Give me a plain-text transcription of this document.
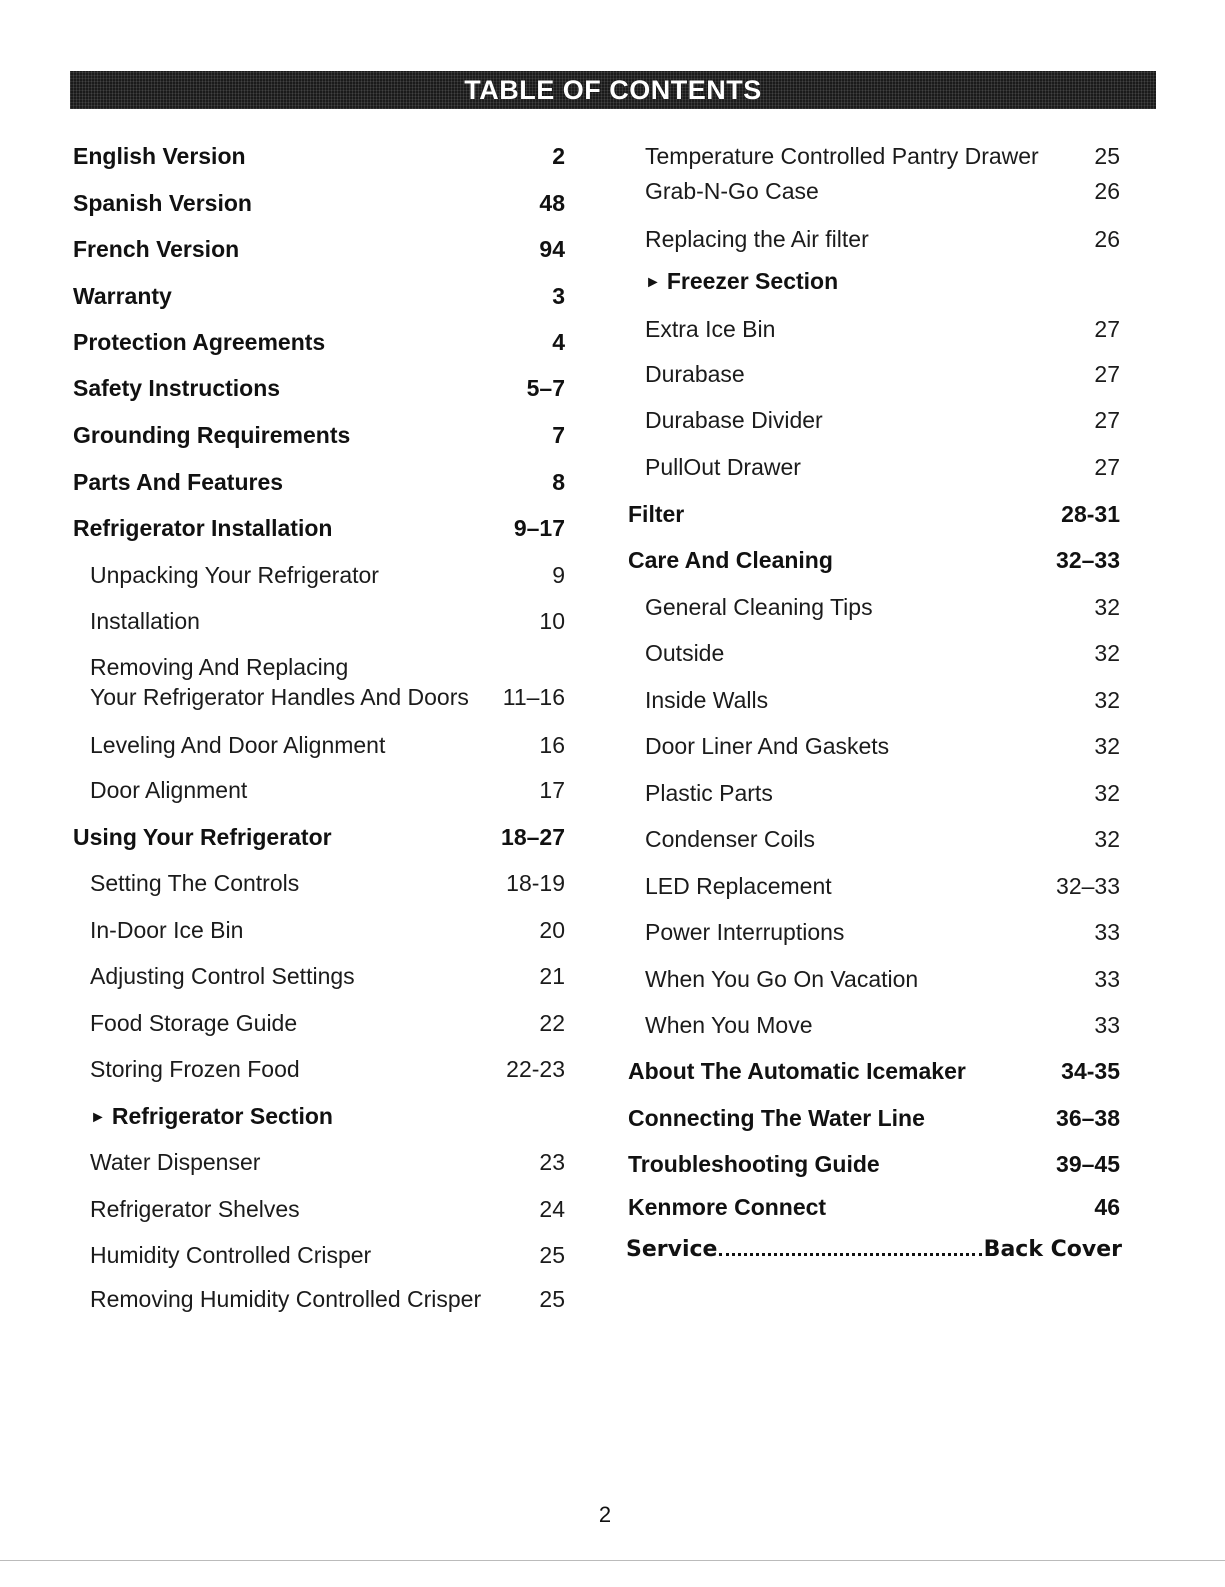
TABLE OF CONTENTS
English Version	2
Spanish Version	48
French Version	94
Warranty	3
Protection Agreements	4
Safety Instructions	5–7
Grounding Requirements	7
Parts And Features	8
Refrigerator Installation	9–17
Unpacking Your Refrigerator	9
Installation	10
Removing And Replacing
Your Refrigerator Handles And Doors 11–16
Leveling And Door Alignment	16
Door Alignment	17
Using Your Refrigerator	18–27
Setting The Controls	18-19
In-Door Ice Bin	20
Adjusting Control Settings	21
Food Storage Guide	22
Storing Frozen Food	22-23
► Refrigerator Section
Water Dispenser	23
Refrigerator Shelves	24
Humidity Controlled Crisper	25
Removing Humidity Controlled Crisper	25
Temperature Controlled Pantry Drawer 25
Grab-N-Go Case	26
Replacing the Air filter	26
► Freezer Section
Extra Ice Bin	27
Durabase	27
Durabase Divider	27
PullOut Drawer	27
Filter	28-31
Care And Cleaning	32–33
General Cleaning Tips	32
Outside	32
Inside Walls	32
Door Liner And Gaskets	32
Plastic Parts	32
Condenser Coils	32
LED Replacement	32–33
Power Interruptions	33
When You Go On Vacation	33
When You Move	33
About The Automatic Icemaker	34-35
Connecting The Water Line	36–38
Troubleshooting Guide	39–45
Kenmore Connect	46
Service	Back Cover
2
